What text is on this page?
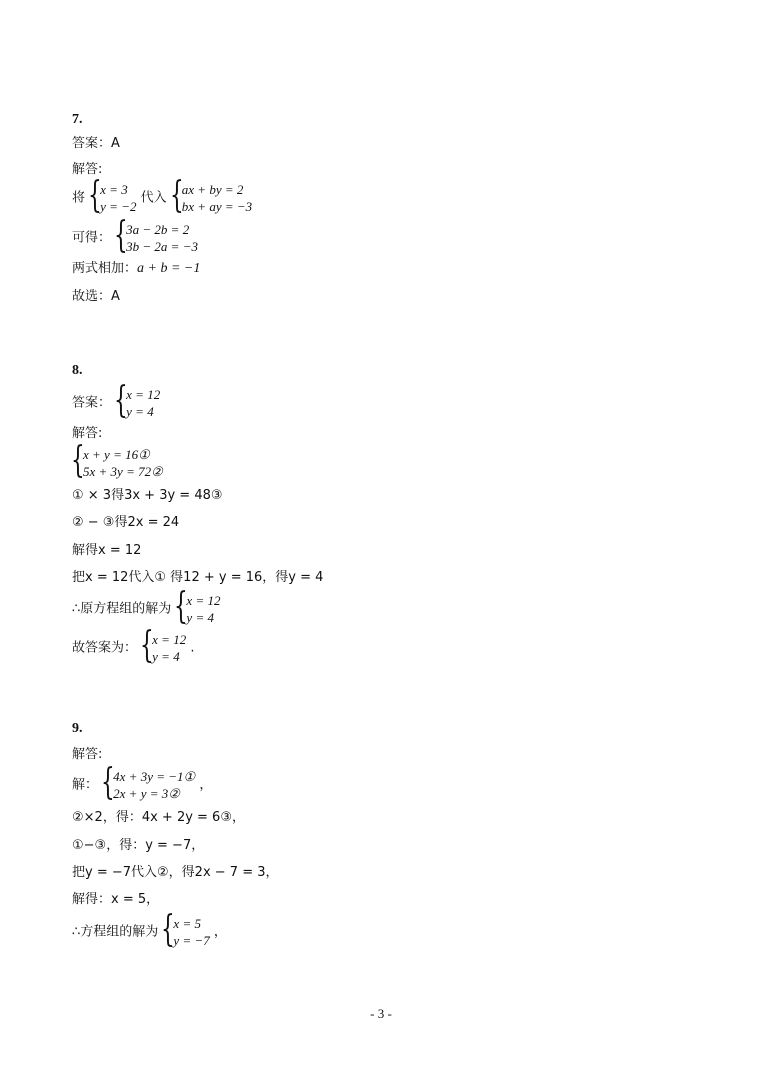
7.
答案：A
解答:
将 {
x = 3
y = −2
代入 {
ax + by = 2
bx + ay = −3
可得： {
3a − 2b = 2
3b − 2a = −3
两式相加：a + b = −1
故选：A
8.
答案： {
x = 12
y = 4
解答:
{
x + y = 16①
5x + 3y = 72②
① × 3得3x + 3y = 48③
② − ③得2x = 24
解得x = 12
把x = 12代入① 得12 + y = 16，得y = 4
∴原方程组的解为 {
x = 12
y = 4
故答案为： {
x = 12
y = 4
.
9.
解答:
解： {
4x + 3y = −1①
2x + y = 3②
，
②×2，得：4x + 2y = 6③，
①−③，得：y = −7，
把y = −7代入②，得2x − 7 = 3，
解得：x = 5，
∴方程组的解为 {
x = 5
y = −7
，
- 3 -
